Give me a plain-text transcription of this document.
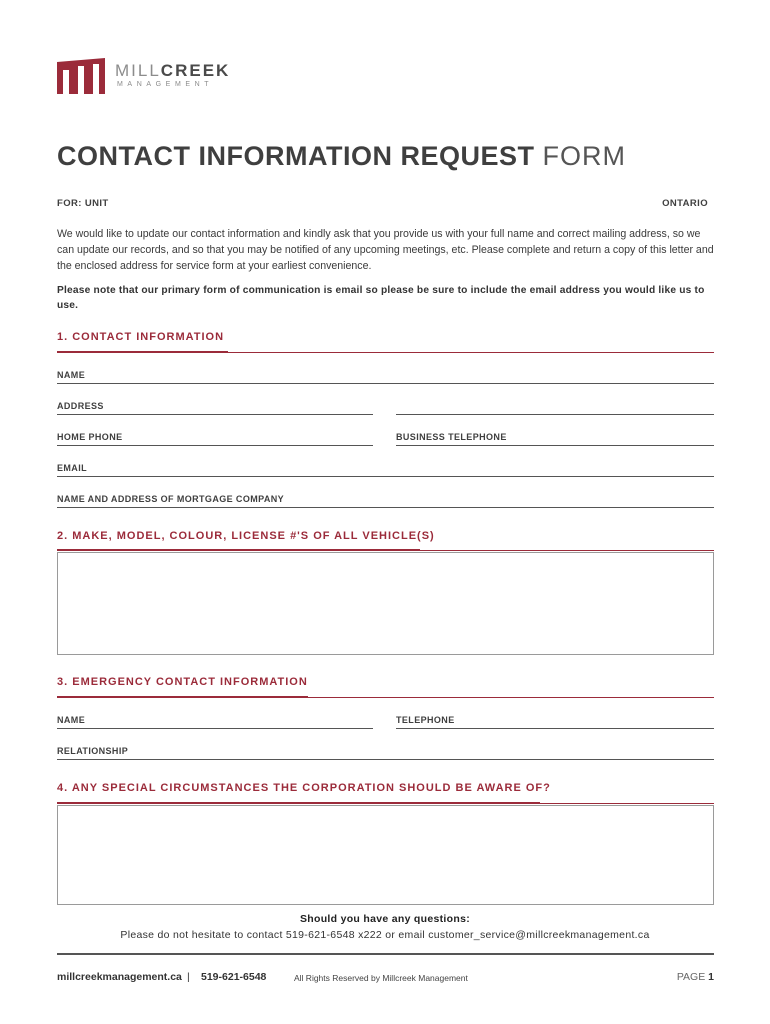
MILLCREEK
MANAGEMENT
CONTACT INFORMATION REQUEST FORM
FOR: UNIT	ONTARIO
We would like to update our contact information and kindly ask that you provide us with your full name and correct mailing address, so we can update our records, and so that you may be notified of any upcoming meetings, etc. Please complete and return a copy of this letter and the enclosed address for service form at your earliest convenience.
Please note that our primary form of communication is email so please be sure to include the email address you would like us to use.
1. CONTACT INFORMATION
NAME
ADDRESS
HOME PHONE	BUSINESS TELEPHONE
EMAIL
NAME AND ADDRESS OF MORTGAGE COMPANY
2. MAKE, MODEL, COLOUR, LICENSE #'S OF ALL VEHICLE(S)
3. EMERGENCY CONTACT INFORMATION
NAME	TELEPHONE
RELATIONSHIP
4. ANY SPECIAL CIRCUMSTANCES THE CORPORATION SHOULD BE AWARE OF?
Should you have any questions:
Please do not hesitate to contact 519-621-6548 x222 or email customer_service@millcreekmanagement.ca
millcreekmanagement.ca | 519-621-6548	All Rights Reserved by Millcreek Management	PAGE 1
